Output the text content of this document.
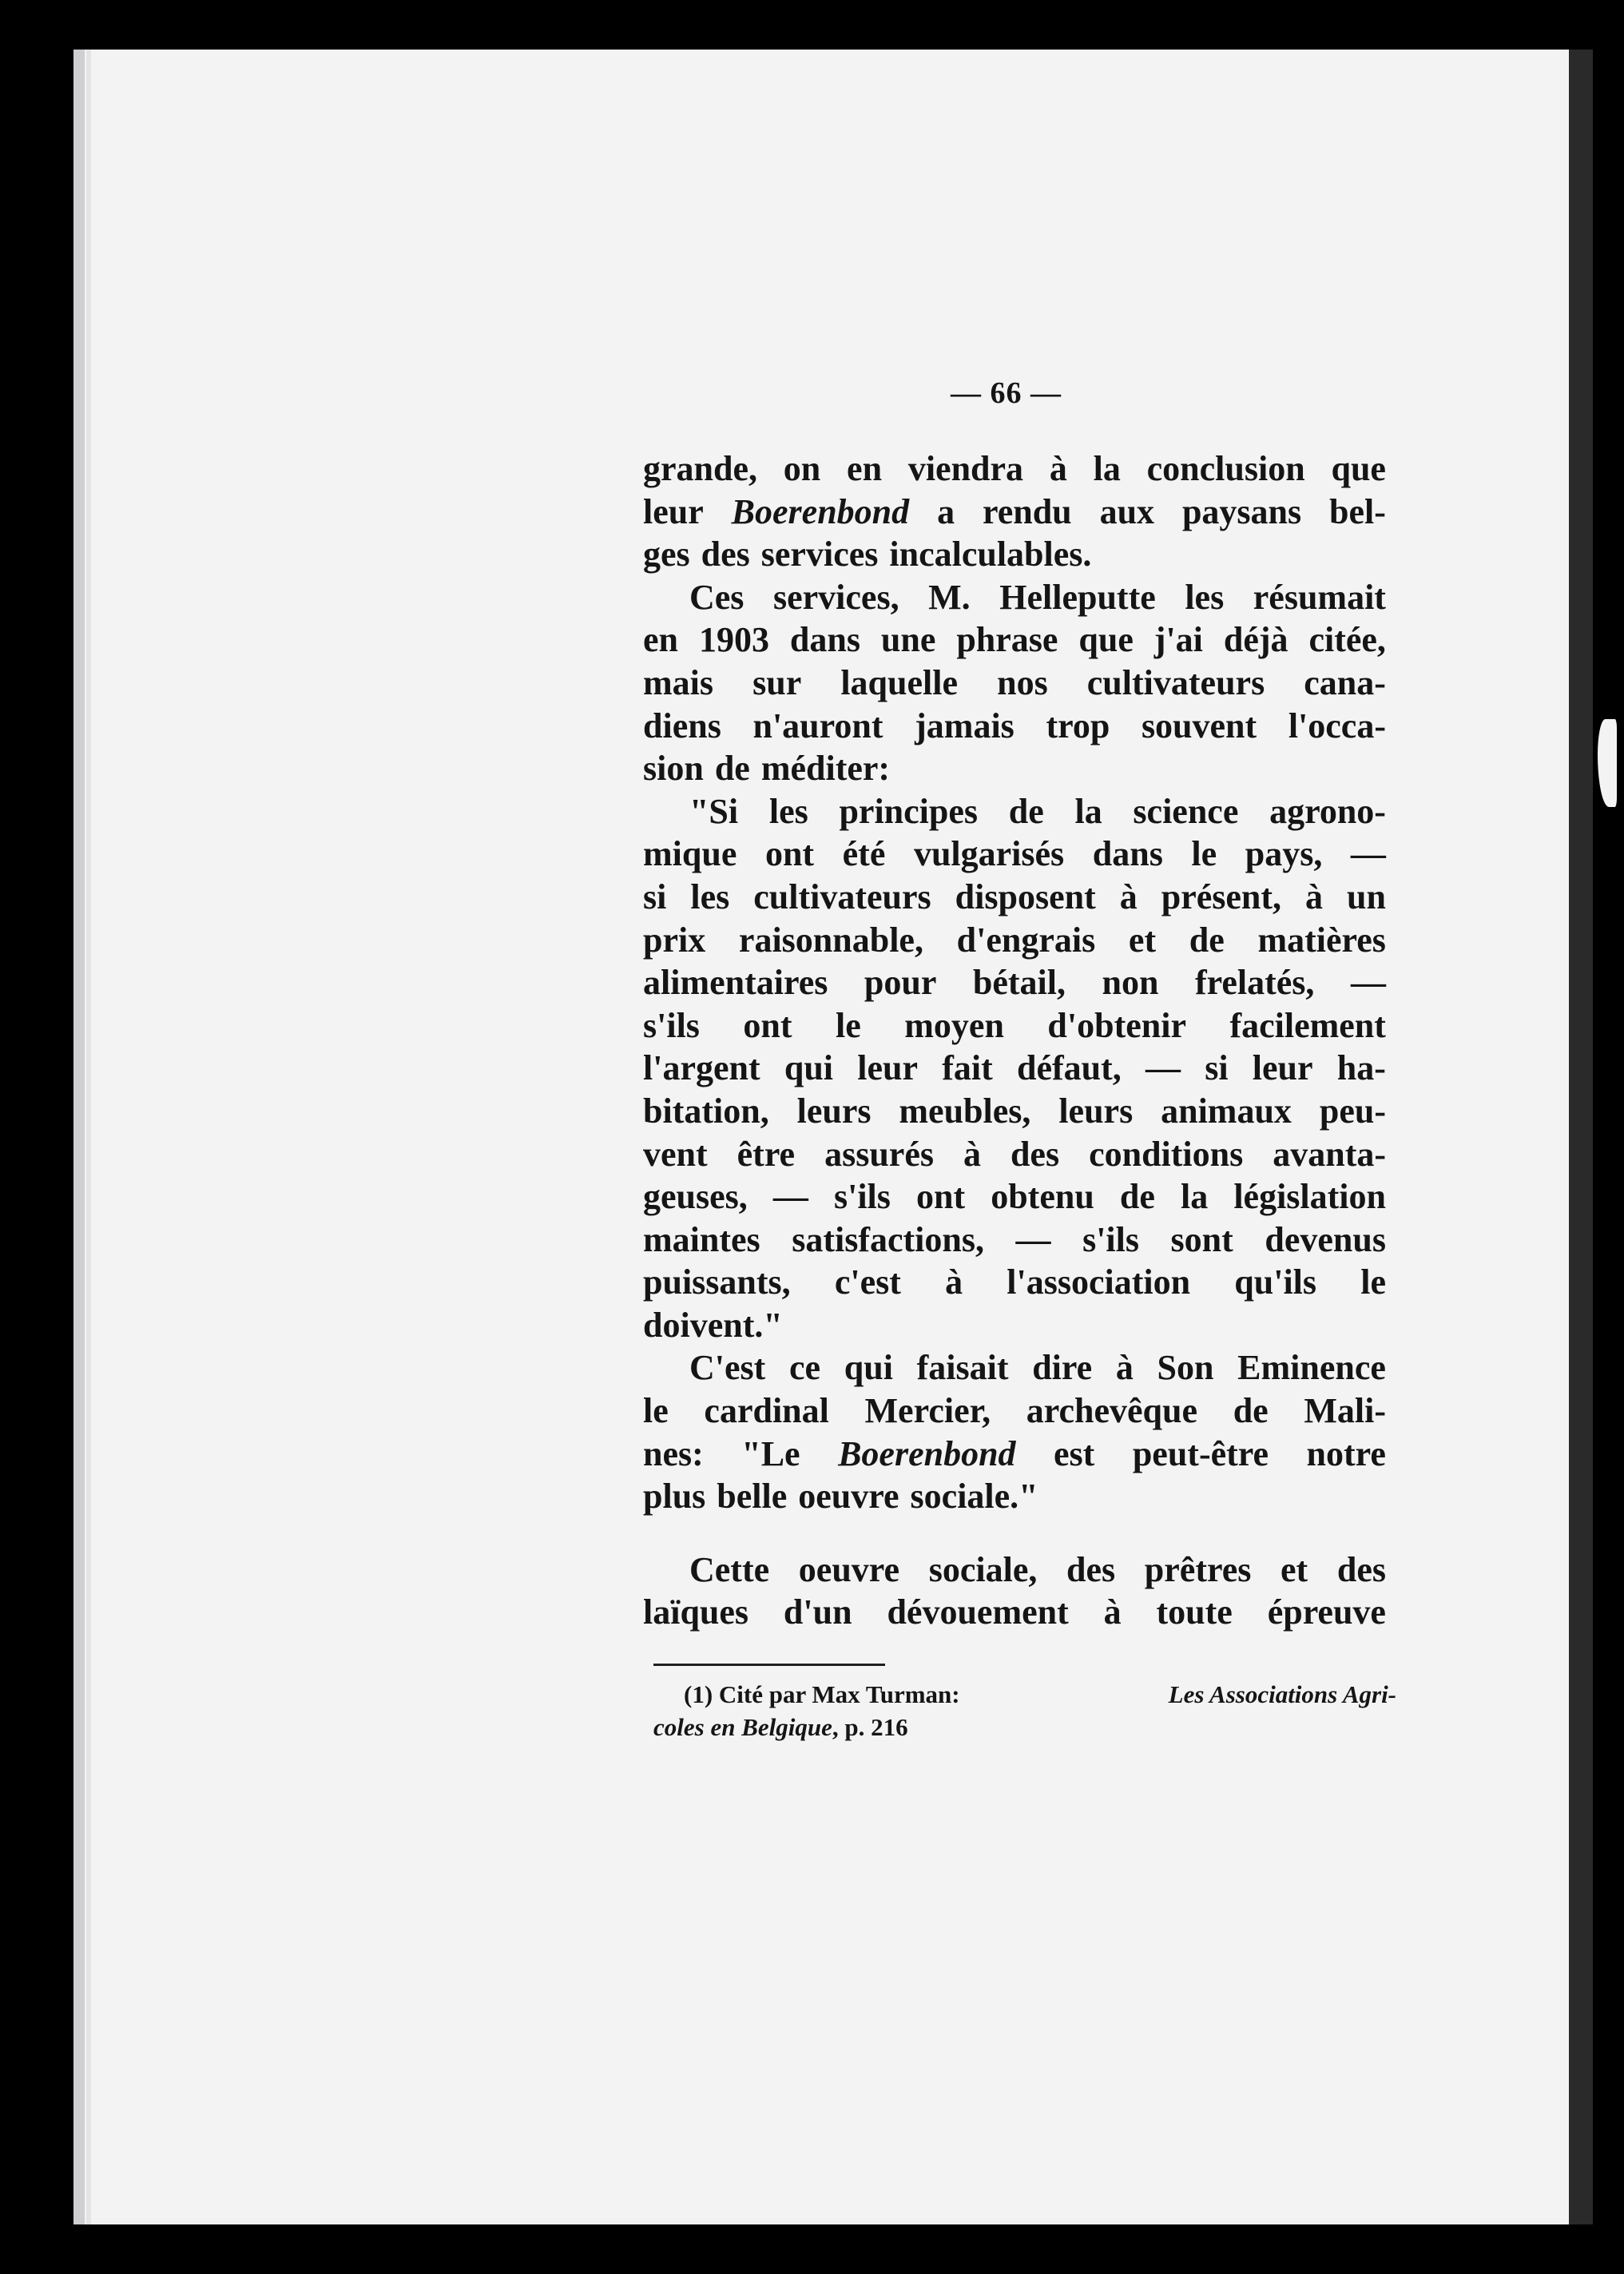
— 66 —
grande, on en viendra à la conclusion que
leur Boerenbond a rendu aux paysans bel-
ges des services incalculables.
Ces services, M. Helleputte les résumait
en 1903 dans une phrase que j'ai déjà citée,
mais sur laquelle nos cultivateurs cana-
diens n'auront jamais trop souvent l'occa-
sion de méditer:
"Si les principes de la science agrono-
mique ont été vulgarisés dans le pays, —
si les cultivateurs disposent à présent, à un
prix raisonnable, d'engrais et de matières
alimentaires pour bétail, non frelatés, —
s'ils ont le moyen d'obtenir facilement
l'argent qui leur fait défaut, — si leur ha-
bitation, leurs meubles, leurs animaux peu-
vent être assurés à des conditions avanta-
geuses, — s'ils ont obtenu de la législation
maintes satisfactions, — s'ils sont devenus
puissants, c'est à l'association qu'ils le
doivent."
C'est ce qui faisait dire à Son Eminence
le cardinal Mercier, archevêque de Mali-
nes: "Le Boerenbond est peut-être notre
plus belle oeuvre sociale."
Cette oeuvre sociale, des prêtres et des
laïques d'un dévouement à toute épreuve
(1) Cité par Max Turman:	Les Associations Agri-
coles en Belgique, p. 216
